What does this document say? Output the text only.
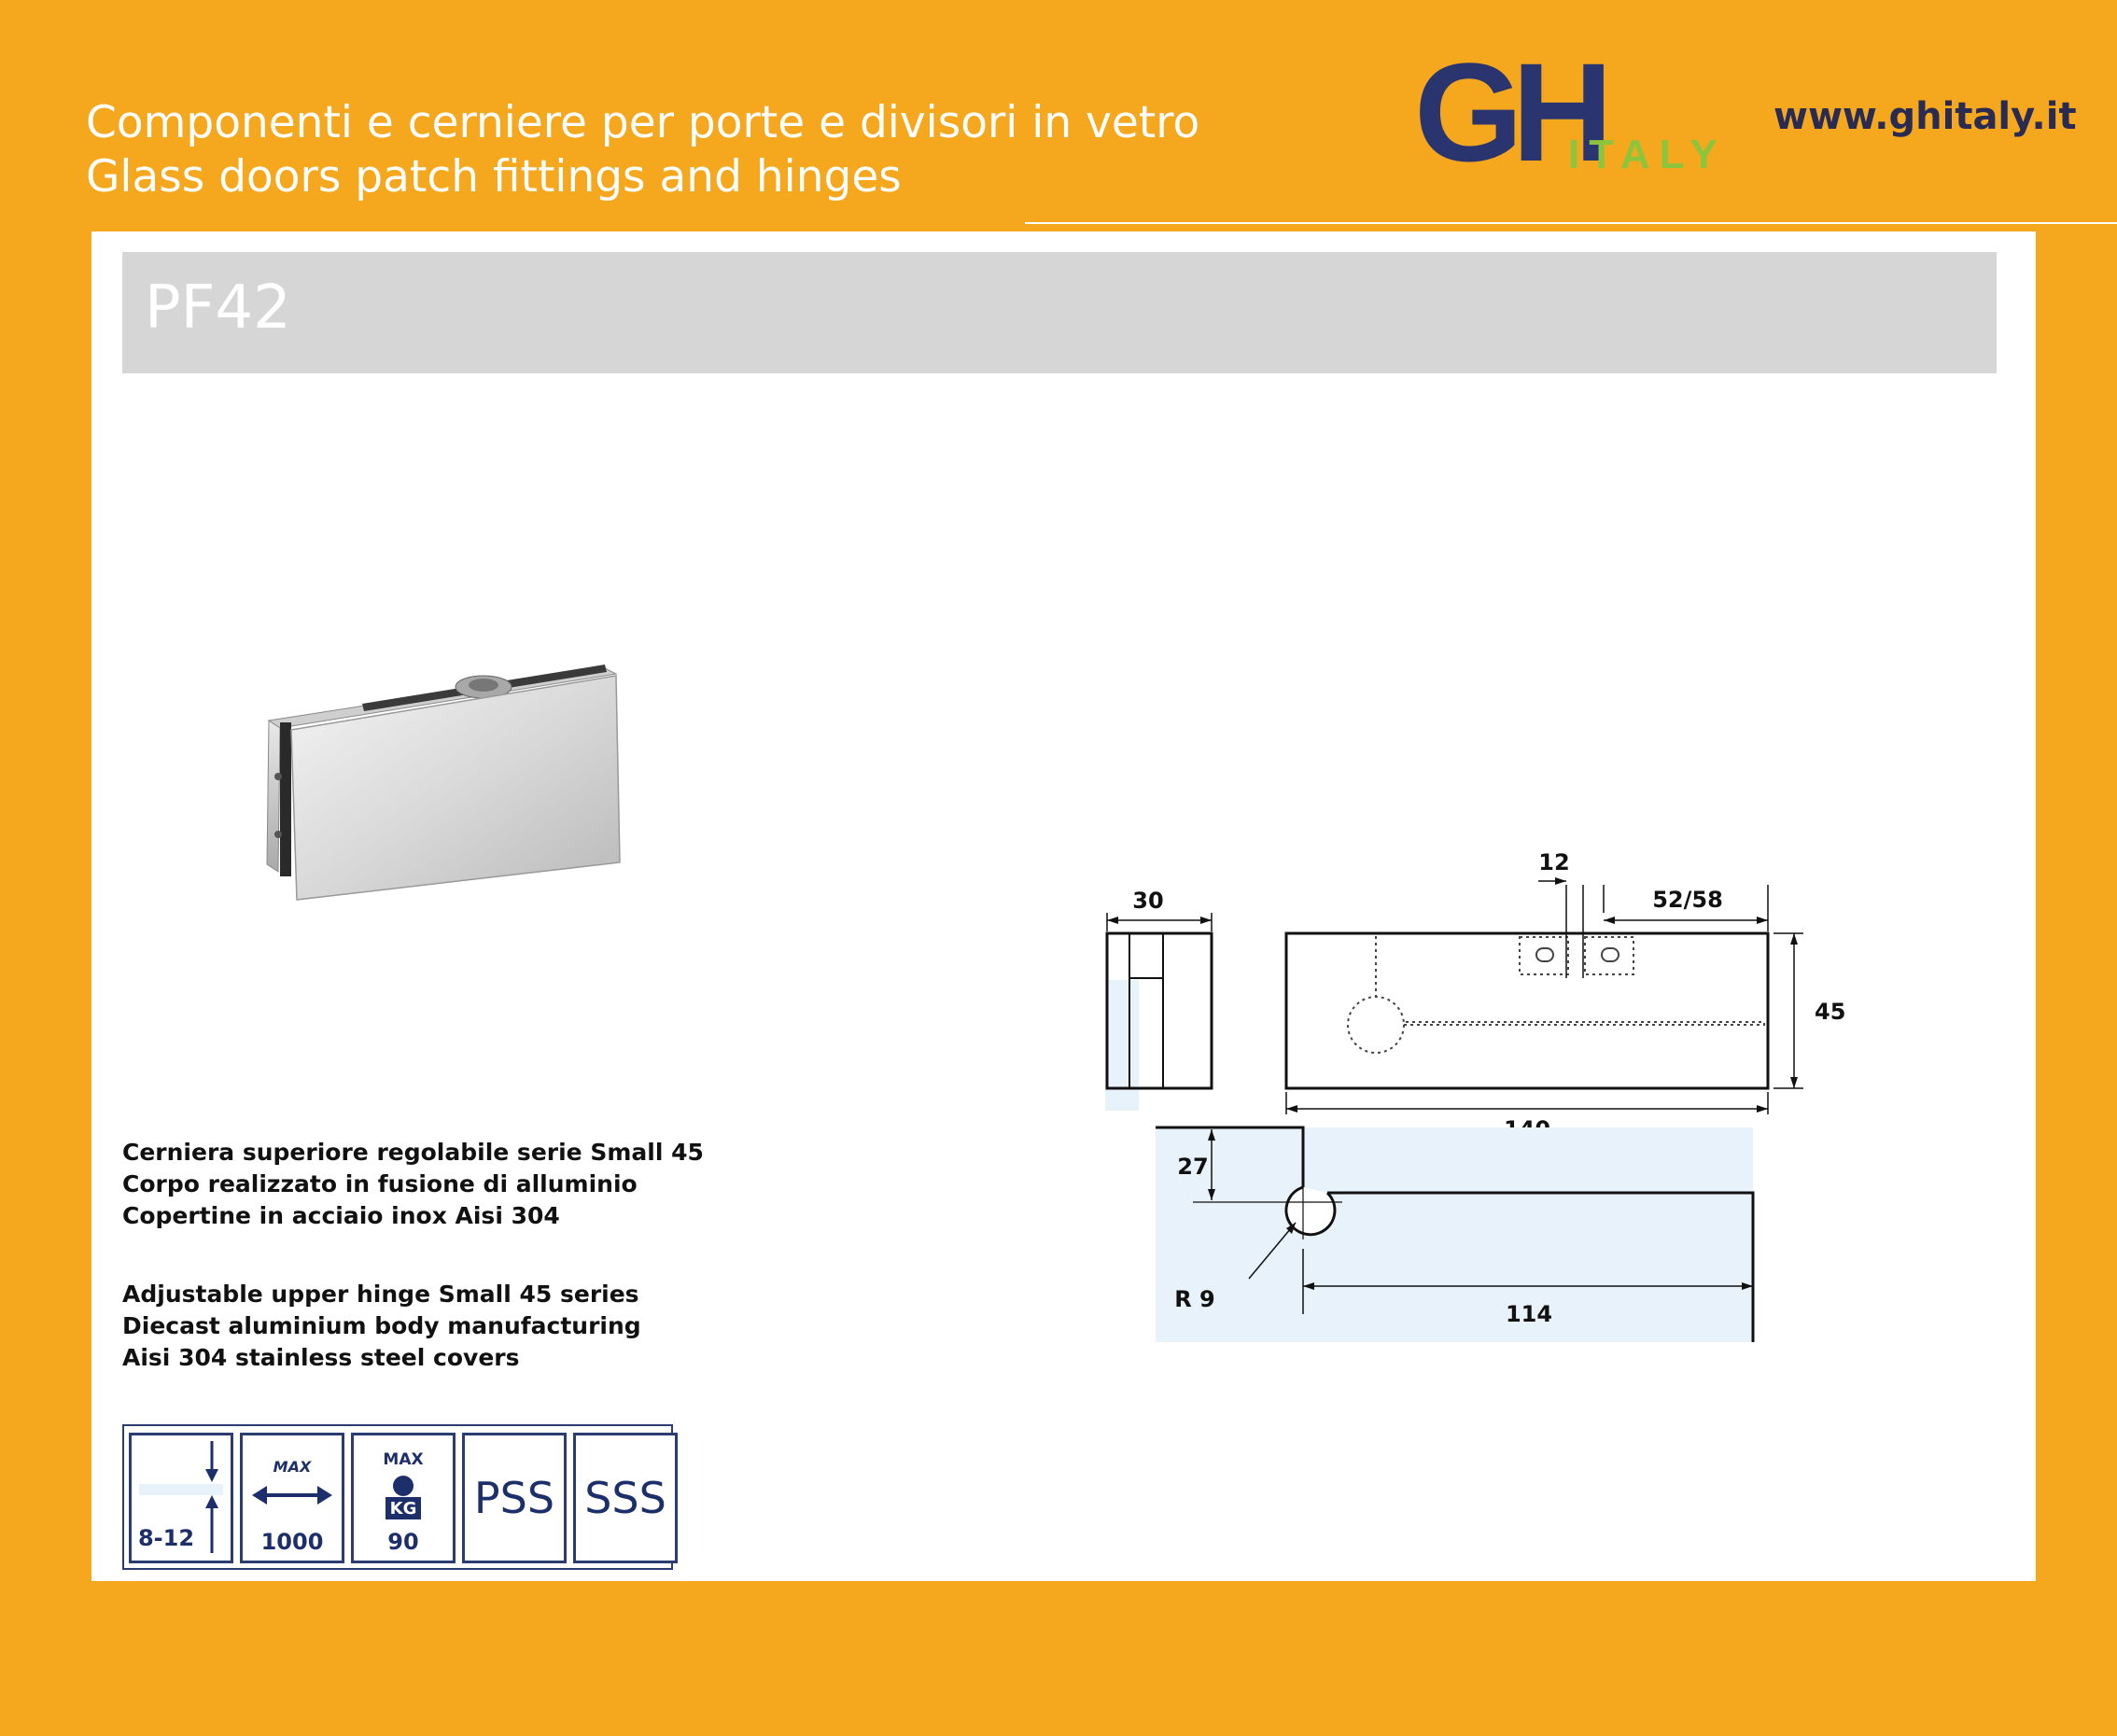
Componenti e cerniere per porte e divisori in vetro
Glass doors patch fittings and hinges	GH
ITALY
www.ghitaly.it
PF42
30
12
52/58
45
27
R 9
114
Cerniera superiore regolabile serie Small 45
Corpo realizzato in fusione di alluminio
Copertine in acciaio inox Aisi 304
Adjustable upper hinge Small 45 series
Diecast aluminium body manufacturing
Aisi 304 stainless steel covers
8-12
MAX
1000
MAX
KG
90
PSS SSS
